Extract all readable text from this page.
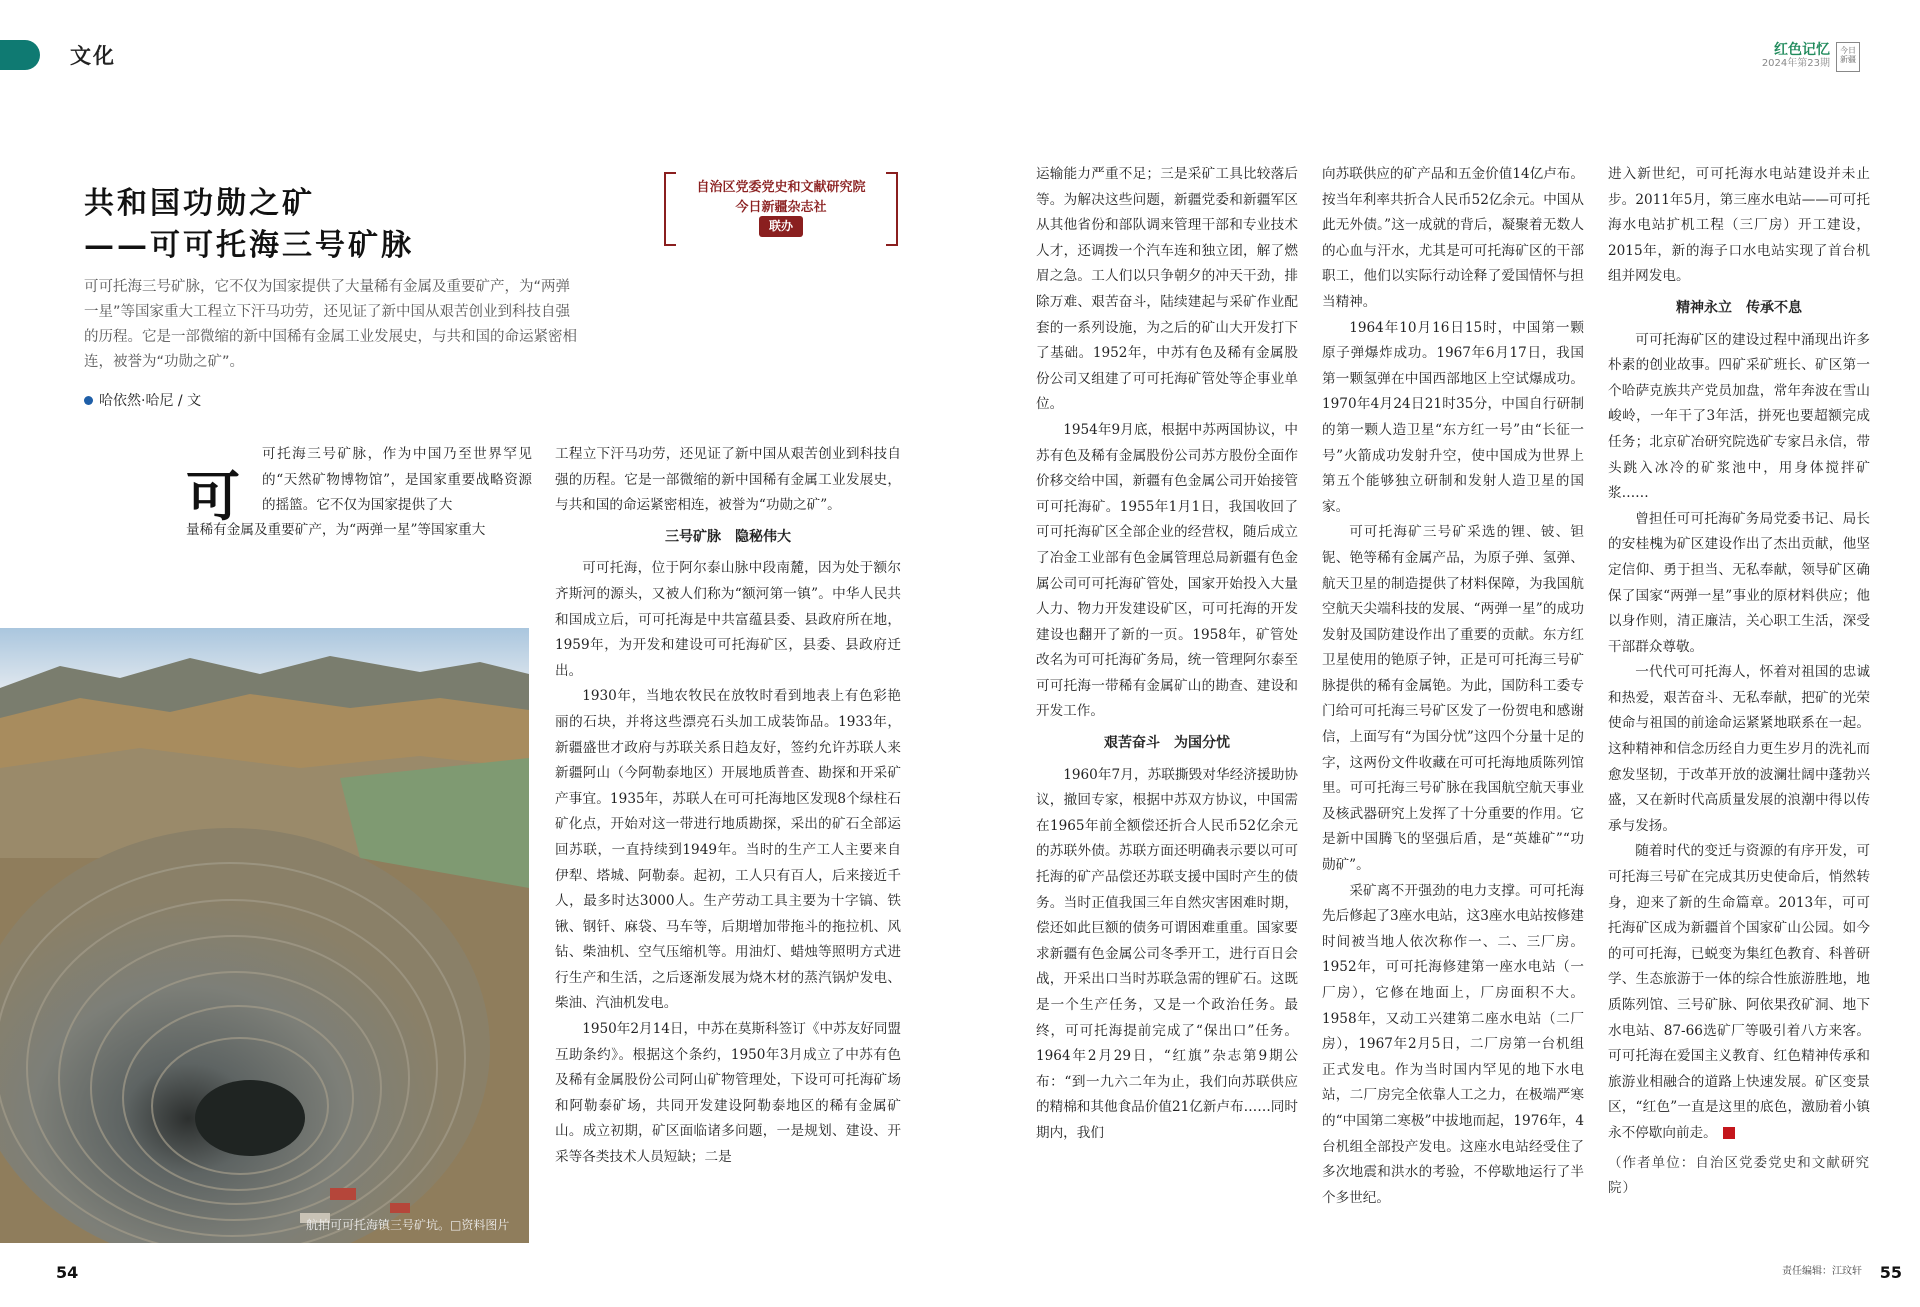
文化	红色记忆
2024年第23期
今日新疆
共和国功勋之矿
——可可托海三号矿脉
自治区党委党史和文献研究院
今日新疆杂志社
联办
可可托海三号矿脉，它不仅为国家提供了大量稀有金属及重要矿产，为“两弹一星”等国家重大工程立下汗马功劳，还见证了新中国从艰苦创业到科技自强的历程。它是一部微缩的新中国稀有金属工业发展史，与共和国的命运紧密相连，被誉为“功勋之矿”。
哈依然·哈尼 / 文
可
可托海三号矿脉，作为中国乃至世界罕见的“天然矿物博物馆”，是国家重要战略资源的摇篮。它不仅为国家提供了大
量稀有金属及重要矿产，为“两弹一星”等国家重大
航拍可可托海镇三号矿坑。□资料图片

工程立下汗马功劳，还见证了新中国从艰苦创业到科技自强的历程。它是一部微缩的新中国稀有金属工业发展史，与共和国的命运紧密相连，被誉为“功勋之矿”。

三号矿脉　隐秘伟大

可可托海，位于阿尔泰山脉中段南麓，因为处于额尔齐斯河的源头，又被人们称为“额河第一镇”。中华人民共和国成立后，可可托海是中共富蕴县委、县政府所在地，1959年，为开发和建设可可托海矿区，县委、县政府迁出。

1930年，当地农牧民在放牧时看到地表上有色彩艳丽的石块，并将这些漂亮石头加工成装饰品。1933年，新疆盛世才政府与苏联关系日趋友好，签约允许苏联人来新疆阿山（今阿勒泰地区）开展地质普查、勘探和开采矿产事宜。1935年，苏联人在可可托海地区发现8个绿柱石矿化点，开始对这一带进行地质勘探，采出的矿石全部运回苏联，一直持续到1949年。当时的生产工人主要来自伊犁、塔城、阿勒泰。起初，工人只有百人，后来接近千人，最多时达3000人。生产劳动工具主要为十字镐、铁锹、钢钎、麻袋、马车等，后期增加带拖斗的拖拉机、风钻、柴油机、空气压缩机等。用油灯、蜡烛等照明方式进行生产和生活，之后逐渐发展为烧木材的蒸汽锅炉发电、柴油、汽油机发电。

1950年2月14日，中苏在莫斯科签订《中苏友好同盟互助条约》。根据这个条约，1950年3月成立了中苏有色及稀有金属股份公司阿山矿物管理处，下设可可托海矿场和阿勒泰矿场，共同开发建设阿勒泰地区的稀有金属矿山。成立初期，矿区面临诸多问题，一是规划、建设、开采等各类技术人员短缺；二是

运输能力严重不足；三是采矿工具比较落后等。为解决这些问题，新疆党委和新疆军区从其他省份和部队调来管理干部和专业技术人才，还调拨一个汽车连和独立团，解了燃眉之急。工人们以只争朝夕的冲天干劲，排除万难、艰苦奋斗，陆续建起与采矿作业配套的一系列设施，为之后的矿山大开发打下了基础。1952年，中苏有色及稀有金属股份公司又组建了可可托海矿管处等企事业单位。

1954年9月底，根据中苏两国协议，中苏有色及稀有金属股份公司苏方股份全面作价移交给中国，新疆有色金属公司开始接管可可托海矿。1955年1月1日，我国收回了可可托海矿区全部企业的经营权，随后成立了冶金工业部有色金属管理总局新疆有色金属公司可可托海矿管处，国家开始投入大量人力、物力开发建设矿区，可可托海的开发建设也翻开了新的一页。1958年，矿管处改名为可可托海矿务局，统一管理阿尔泰至可可托海一带稀有金属矿山的勘查、建设和开发工作。

艰苦奋斗　为国分忧

1960年7月，苏联撕毁对华经济援助协议，撤回专家，根据中苏双方协议，中国需在1965年前全额偿还折合人民币52亿余元的苏联外债。苏联方面还明确表示要以可可托海的矿产品偿还苏联支援中国时产生的债务。当时正值我国三年自然灾害困难时期，偿还如此巨额的债务可谓困难重重。国家要求新疆有色金属公司冬季开工，进行百日会战，开采出口当时苏联急需的锂矿石。这既是一个生产任务，又是一个政治任务。最终，可可托海提前完成了“保出口”任务。1964年2月29日，“红旗”杂志第9期公布：“到一九六二年为止，我们向苏联供应的精棉和其他食品价值21亿新卢布……同时期内，我们

向苏联供应的矿产品和五金价值14亿卢布。按当年利率共折合人民币52亿余元。中国从此无外债。”这一成就的背后，凝聚着无数人的心血与汗水，尤其是可可托海矿区的干部职工，他们以实际行动诠释了爱国情怀与担当精神。

1964年10月16日15时，中国第一颗原子弹爆炸成功。1967年6月17日，我国第一颗氢弹在中国西部地区上空试爆成功。1970年4月24日21时35分，中国自行研制的第一颗人造卫星“东方红一号”由“长征一号”火箭成功发射升空，使中国成为世界上第五个能够独立研制和发射人造卫星的国家。

可可托海矿三号矿采选的锂、铍、钽铌、铯等稀有金属产品，为原子弹、氢弹、航天卫星的制造提供了材料保障，为我国航空航天尖端科技的发展、“两弹一星”的成功发射及国防建设作出了重要的贡献。东方红卫星使用的铯原子钟，正是可可托海三号矿脉提供的稀有金属铯。为此，国防科工委专门给可可托海三号矿区发了一份贺电和感谢信，上面写有“为国分忧”这四个分量十足的字，这两份文件收藏在可可托海地质陈列馆里。可可托海三号矿脉在我国航空航天事业及核武器研究上发挥了十分重要的作用。它是新中国腾飞的坚强后盾，是“英雄矿”“功勋矿”。

采矿离不开强劲的电力支撑。可可托海先后修起了3座水电站，这3座水电站按修建时间被当地人依次称作一、二、三厂房。1952年，可可托海修建第一座水电站（一厂房），它修在地面上，厂房面积不大。1958年，又动工兴建第二座水电站（二厂房），1967年2月5日，二厂房第一台机组正式发电。作为当时国内罕见的地下水电站，二厂房完全依靠人工之力，在极端严寒的“中国第二寒极”中拔地而起，1976年，4台机组全部投产发电。这座水电站经受住了多次地震和洪水的考验，不停歇地运行了半个多世纪。

进入新世纪，可可托海水电站建设并未止步。2011年5月，第三座水电站——可可托海水电站扩机工程（三厂房）开工建设，2015年，新的海子口水电站实现了首台机组并网发电。

精神永立　传承不息

可可托海矿区的建设过程中涌现出许多朴素的创业故事。四矿采矿班长、矿区第一个哈萨克族共产党员加盘，常年奔波在雪山峻岭，一年干了3年活，拼死也要超额完成任务；北京矿冶研究院选矿专家吕永信，带头跳入冰冷的矿浆池中，用身体搅拌矿浆……

曾担任可可托海矿务局党委书记、局长的安桂槐为矿区建设作出了杰出贡献，他坚定信仰、勇于担当、无私奉献，领导矿区确保了国家“两弹一星”事业的原材料供应；他以身作则，清正廉洁，关心职工生活，深受干部群众尊敬。

一代代可可托海人，怀着对祖国的忠诚和热爱，艰苦奋斗、无私奉献，把矿的光荣使命与祖国的前途命运紧紧地联系在一起。这种精神和信念历经自力更生岁月的洗礼而愈发坚韧，于改革开放的波澜壮阔中蓬勃兴盛，又在新时代高质量发展的浪潮中得以传承与发扬。

随着时代的变迁与资源的有序开发，可可托海三号矿在完成其历史使命后，悄然转身，迎来了新的生命篇章。2013年，可可托海矿区成为新疆首个国家矿山公园。如今的可可托海，已蜕变为集红色教育、科普研学、生态旅游于一体的综合性旅游胜地，地质陈列馆、三号矿脉、阿依果孜矿洞、地下水电站、87-66选矿厂等吸引着八方来客。可可托海在爱国主义教育、红色精神传承和旅游业相融合的道路上快速发展。矿区变景区，“红色”一直是这里的底色，激励着小镇永不停歇向前走。

（作者单位：自治区党委党史和文献研究院）
54	责任编辑：江玟轩 55
